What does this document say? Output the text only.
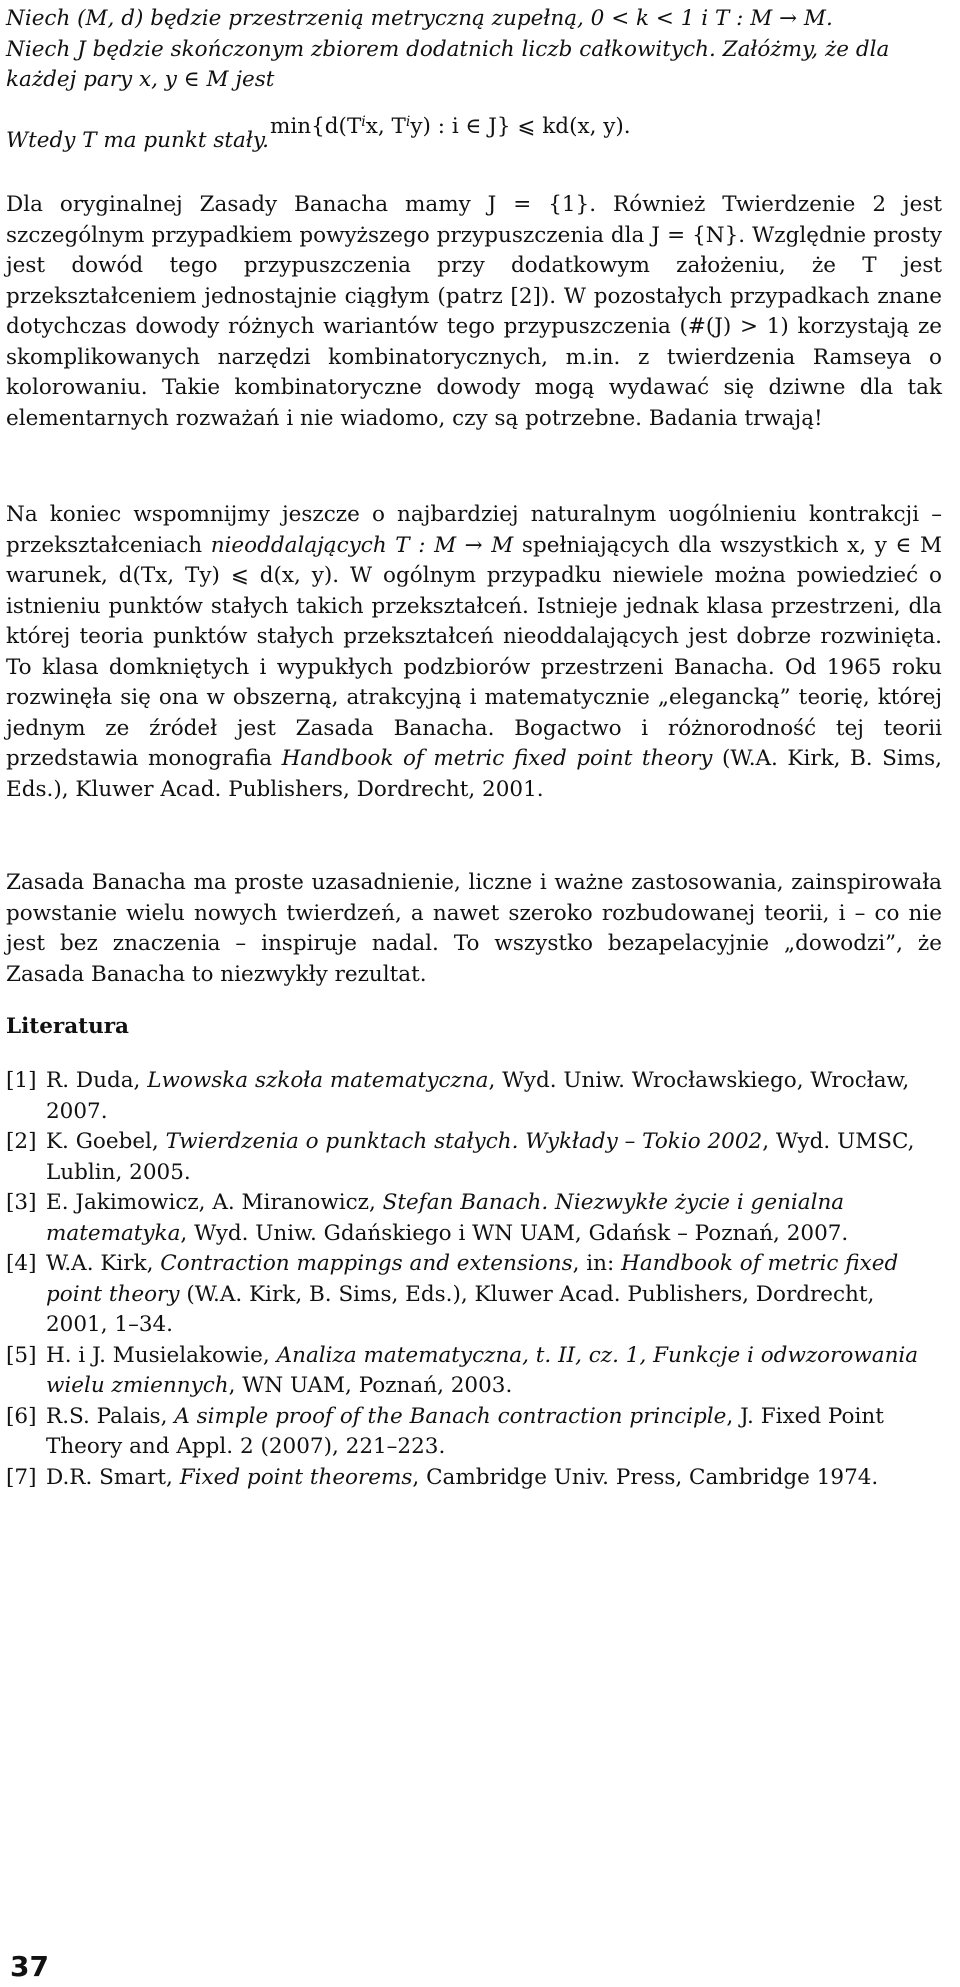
Niech (M, d) będzie przestrzenią metryczną zupełną, 0 < k < 1 i T : M → M.
Niech J będzie skończonym zbiorem dodatnich liczb całkowitych. Załóżmy, że dla
każdej pary x, y ∈ M jest
$\min\{d(T^ix$, $T^iy$) : i ∈ J} ⩽ kd(x, y).
Wtedy T ma punkt stały.

Dla oryginalnej Zasady Banacha mamy J = {1}. Również Twierdzenie 2 jest szczególnym przypadkiem powyższego przypuszczenia dla J = {N}. Względnie prosty jest dowód tego przypuszczenia przy dodatkowym założeniu, że T jest przekształceniem jednostajnie ciągłym (patrz [2]). W pozostałych przypadkach znane dotychczas dowody różnych wariantów tego przypuszczenia (#(J) > 1) korzystają ze skomplikowanych narzędzi kombinatorycznych, m.in. z twierdzenia Ramseya o kolorowaniu. Takie kombinatoryczne dowody mogą wydawać się dziwne dla tak elementarnych rozważań i nie wiadomo, czy są potrzebne. Badania trwają!

Na koniec wspomnijmy jeszcze o najbardziej naturalnym uogólnieniu kontrakcji – przekształceniach nieoddalających T : M → M spełniających dla wszystkich x, y ∈ M warunek, d(Tx, Ty) ⩽ d(x, y). W ogólnym przypadku niewiele można powiedzieć o istnieniu punktów stałych takich przekształceń. Istnieje jednak klasa przestrzeni, dla której teoria punktów stałych przekształceń nieoddalających jest dobrze rozwinięta. To klasa domkniętych i wypukłych podzbiorów przestrzeni Banacha. Od 1965 roku rozwinęła się ona w obszerną, atrakcyjną i matematycznie „elegancką” teorię, której jednym ze źródeł jest Zasada Banacha. Bogactwo i różnorodność tej teorii przedstawia monografia Handbook of metric fixed point theory (W.A. Kirk, B. Sims, Eds.), Kluwer Acad. Publishers, Dordrecht, 2001.

Zasada Banacha ma proste uzasadnienie, liczne i ważne zastosowania, zainspirowała powstanie wielu nowych twierdzeń, a nawet szeroko rozbudowanej teorii, i – co nie jest bez znaczenia – inspiruje nadal. To wszystko bezapelacyjnie „dowodzi”, że Zasada Banacha to niezwykły rezultat.

Literatura
[1] R. Duda, Lwowska szkoła matematyczna, Wyd. Uniw. Wrocławskiego, Wrocław, 2007.
[2] K. Goebel, Twierdzenia o punktach stałych. Wykłady – Tokio 2002, Wyd. UMSC, Lublin, 2005.
[3] E. Jakimowicz, A. Miranowicz, Stefan Banach. Niezwykłe życie i genialna matematyka, Wyd. Uniw. Gdańskiego i WN UAM, Gdańsk – Poznań, 2007.
[4] W.A. Kirk, Contraction mappings and extensions, in: Handbook of metric fixed point theory (W.A. Kirk, B. Sims, Eds.), Kluwer Acad. Publishers, Dordrecht, 2001, 1–34.
[5] H. i J. Musielakowie, Analiza matematyczna, t. II, cz. 1, Funkcje i odwzorowania wielu zmiennych, WN UAM, Poznań, 2003.
[6] R.S. Palais, A simple proof of the Banach contraction principle, J. Fixed Point Theory and Appl. 2 (2007), 221–223.
[7] D.R. Smart, Fixed point theorems, Cambridge Univ. Press, Cambridge 1974.
37
